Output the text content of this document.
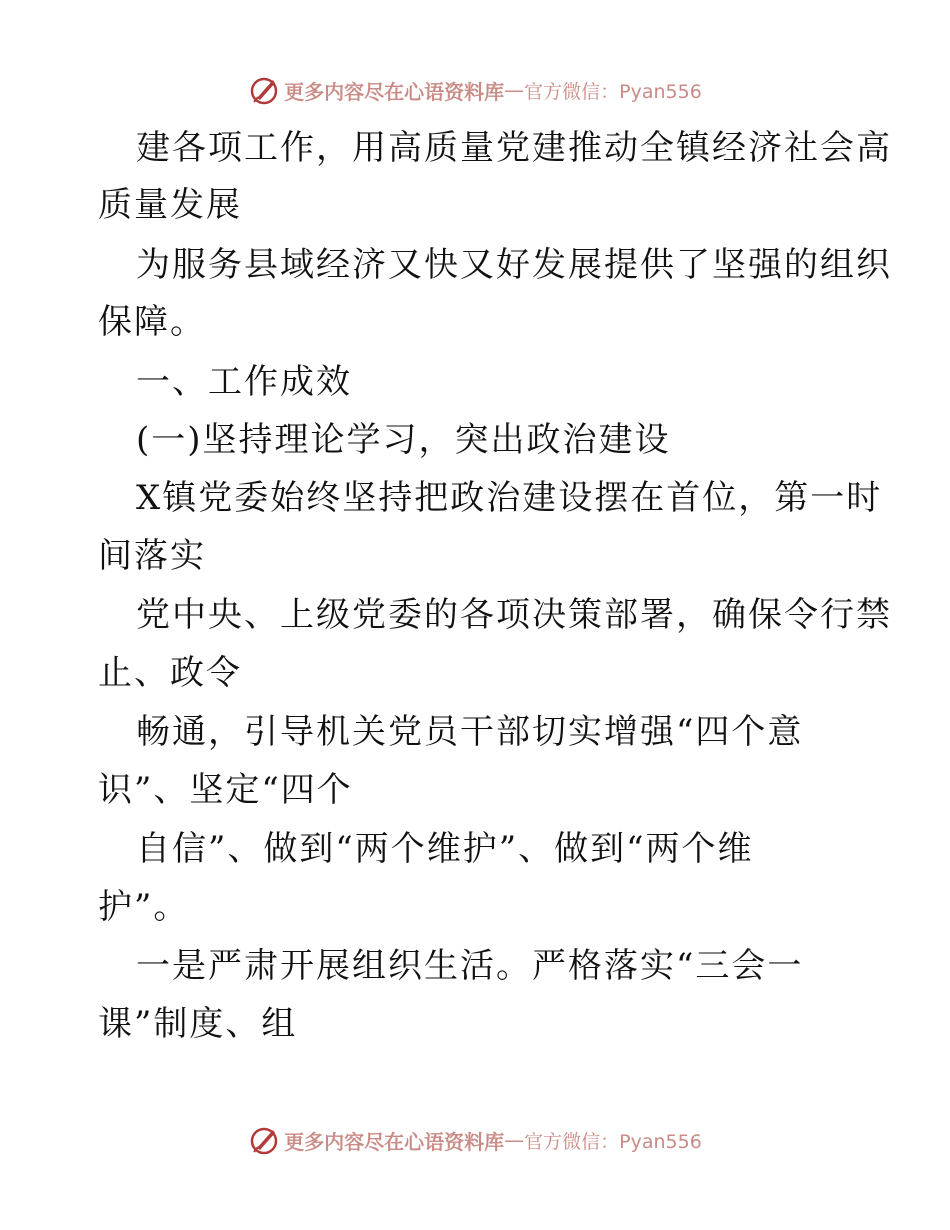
更多内容尽在心语资料库 — 官方微信：Pyan556
建各项工作，用高质量党建推动全镇经济社会高
质量发展
为服务县域经济又快又好发展提供了坚强的组织
保障。
一、工作成效
(一)坚持理论学习，突出政治建设
X镇党委始终坚持把政治建设摆在首位，第一时
间落实
党中央、上级党委的各项决策部署，确保令行禁
止、政令
畅通，引导机关党员干部切实增强“四个意
识”、坚定“四个
自信”、做到“两个维护”、做到“两个维
护”。
一是严肃开展组织生活。严格落实“三会一
课”制度、组
更多内容尽在心语资料库 — 官方微信：Pyan556
